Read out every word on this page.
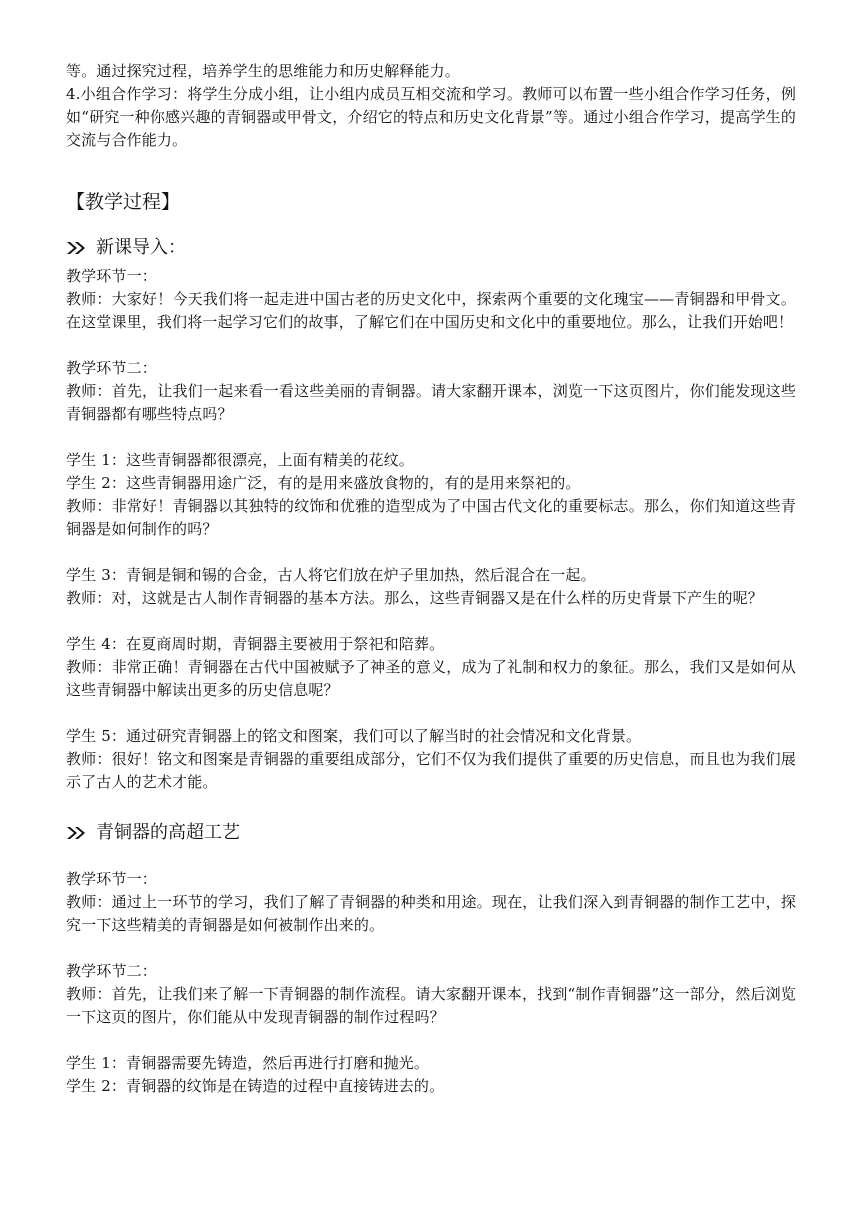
等。通过探究过程，培养学生的思维能力和历史解释能力。

4.小组合作学习：将学生分成小组，让小组内成员互相交流和学习。教师可以布置一些小组合作学习任务，例如“研究一种你感兴趣的青铜器或甲骨文，介绍它的特点和历史文化背景”等。通过小组合作学习，提高学生的交流与合作能力。

【教学过程】
新课导入：

教学环节一：

教师：大家好！今天我们将一起走进中国古老的历史文化中，探索两个重要的文化瑰宝——青铜器和甲骨文。在这堂课里，我们将一起学习它们的故事，了解它们在中国历史和文化中的重要地位。那么，让我们开始吧！

教学环节二：

教师：首先，让我们一起来看一看这些美丽的青铜器。请大家翻开课本，浏览一下这页图片，你们能发现这些青铜器都有哪些特点吗？

学生 1：这些青铜器都很漂亮，上面有精美的花纹。

学生 2：这些青铜器用途广泛，有的是用来盛放食物的，有的是用来祭祀的。

教师：非常好！青铜器以其独特的纹饰和优雅的造型成为了中国古代文化的重要标志。那么，你们知道这些青铜器是如何制作的吗？

学生 3：青铜是铜和锡的合金，古人将它们放在炉子里加热，然后混合在一起。

教师：对，这就是古人制作青铜器的基本方法。那么，这些青铜器又是在什么样的历史背景下产生的呢？

学生 4：在夏商周时期，青铜器主要被用于祭祀和陪葬。

教师：非常正确！青铜器在古代中国被赋予了神圣的意义，成为了礼制和权力的象征。那么，我们又是如何从这些青铜器中解读出更多的历史信息呢？

学生 5：通过研究青铜器上的铭文和图案，我们可以了解当时的社会情况和文化背景。

教师：很好！铭文和图案是青铜器的重要组成部分，它们不仅为我们提供了重要的历史信息，而且也为我们展示了古人的艺术才能。

青铜器的高超工艺

教学环节一：

教师：通过上一环节的学习，我们了解了青铜器的种类和用途。现在，让我们深入到青铜器的制作工艺中，探究一下这些精美的青铜器是如何被制作出来的。

教学环节二：

教师：首先，让我们来了解一下青铜器的制作流程。请大家翻开课本，找到“制作青铜器”这一部分，然后浏览一下这页的图片，你们能从中发现青铜器的制作过程吗？

学生 1：青铜器需要先铸造，然后再进行打磨和抛光。

学生 2：青铜器的纹饰是在铸造的过程中直接铸进去的。
